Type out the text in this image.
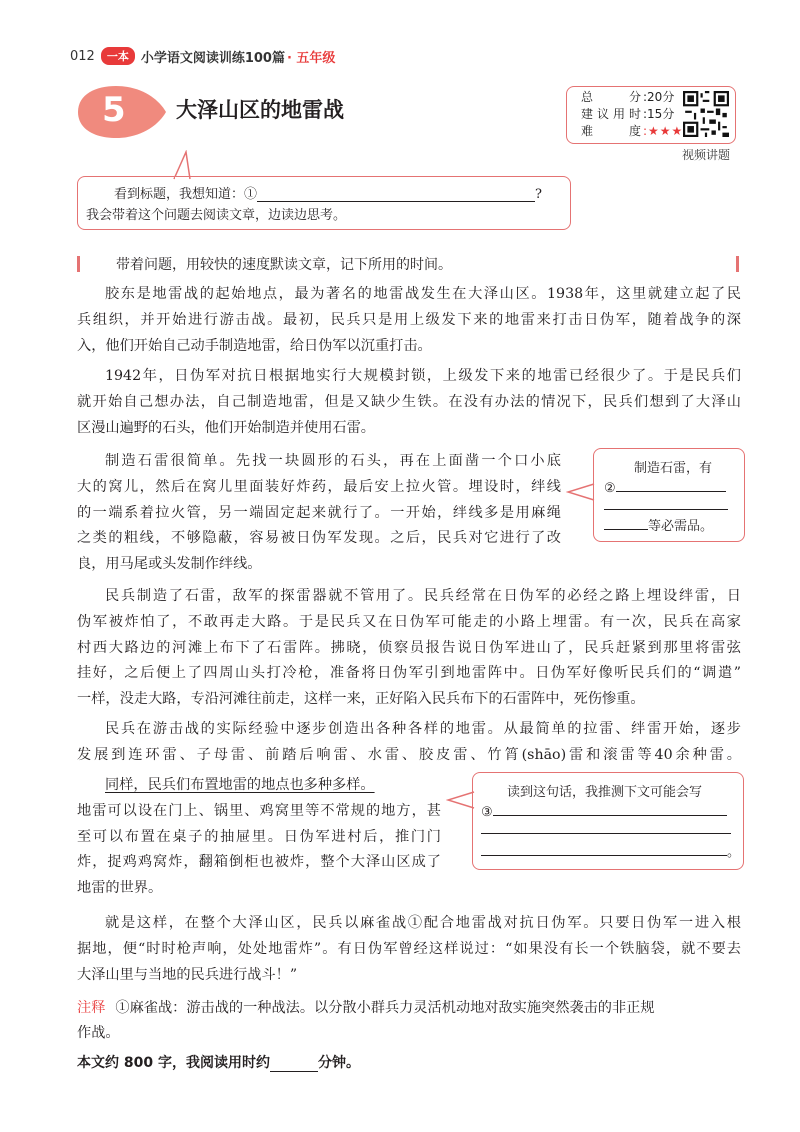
012	一本 小学语文阅读训练100篇 · 五年级
5 大泽山区的地雷战
总分 :20分
建议用时 :15分
难度 :★★★
视频讲题
看到标题，我想知道：①	?
我会带着这个问题去阅读文章，边读边思考。
带着问题，用较快的速度默读文章，记下所用的时间。
胶东是地雷战的起始地点，最为著名的地雷战发生在大泽山区。1938年，这里就建立起了民
兵组织，并开始进行游击战。最初，民兵只是用上级发下来的地雷来打击日伪军，随着战争的深
入，他们开始自己动手制造地雷，给日伪军以沉重打击。
1942年，日伪军对抗日根据地实行大规模封锁，上级发下来的地雷已经很少了。于是民兵们
就开始自己想办法，自己制造地雷，但是又缺少生铁。在没有办法的情况下，民兵们想到了大泽山
区漫山遍野的石头，他们开始制造并使用石雷。
制造石雷很简单。先找一块圆形的石头，再在上面凿一个口小底
大的窝儿，然后在窝儿里面装好炸药，最后安上拉火管。埋设时，绊线
的一端系着拉火管，另一端固定起来就行了。一开始，绊线多是用麻绳
之类的粗线，不够隐蔽，容易被日伪军发现。之后，民兵对它进行了改
良，用马尾或头发制作绊线。
制造石雷，有
②
等必需品。
民兵制造了石雷，敌军的探雷器就不管用了。民兵经常在日伪军的必经之路上埋设绊雷，日
伪军被炸怕了，不敢再走大路。于是民兵又在日伪军可能走的小路上埋雷。有一次，民兵在高家
村西大路边的河滩上布下了石雷阵。拂晓，侦察员报告说日伪军进山了，民兵赶紧到那里将雷弦
挂好，之后便上了四周山头打冷枪，准备将日伪军引到地雷阵中。日伪军好像听民兵们的“调遣”
一样，没走大路，专沿河滩往前走，这样一来，正好陷入民兵布下的石雷阵中，死伤惨重。
民兵在游击战的实际经验中逐步创造出各种各样的地雷。从最简单的拉雷、绊雷开始，逐步
发展到连环雷、子母雷、前踏后响雷、水雷、胶皮雷、竹筲(shāo)雷和滚雷等40余种雷。
同样，民兵们布置地雷的地点也多种多样。
地雷可以设在门上、锅里、鸡窝里等不常规的地方，甚
至可以布置在桌子的抽屉里。日伪军进村后，推门门
炸，捉鸡鸡窝炸，翻箱倒柜也被炸，整个大泽山区成了
地雷的世界。
读到这句话，我推测下文可能会写
③
。
就是这样，在整个大泽山区，民兵以麻雀战①配合地雷战对抗日伪军。只要日伪军一进入根
据地，便“时时枪声响，处处地雷炸”。有日伪军曾经这样说过：“如果没有长一个铁脑袋，就不要去
大泽山里与当地的民兵进行战斗！”
注释 ①麻雀战：游击战的一种战法。以分散小群兵力灵活机动地对敌实施突然袭击的非正规
作战。
本文约 800 字，我阅读用时约	分钟。
